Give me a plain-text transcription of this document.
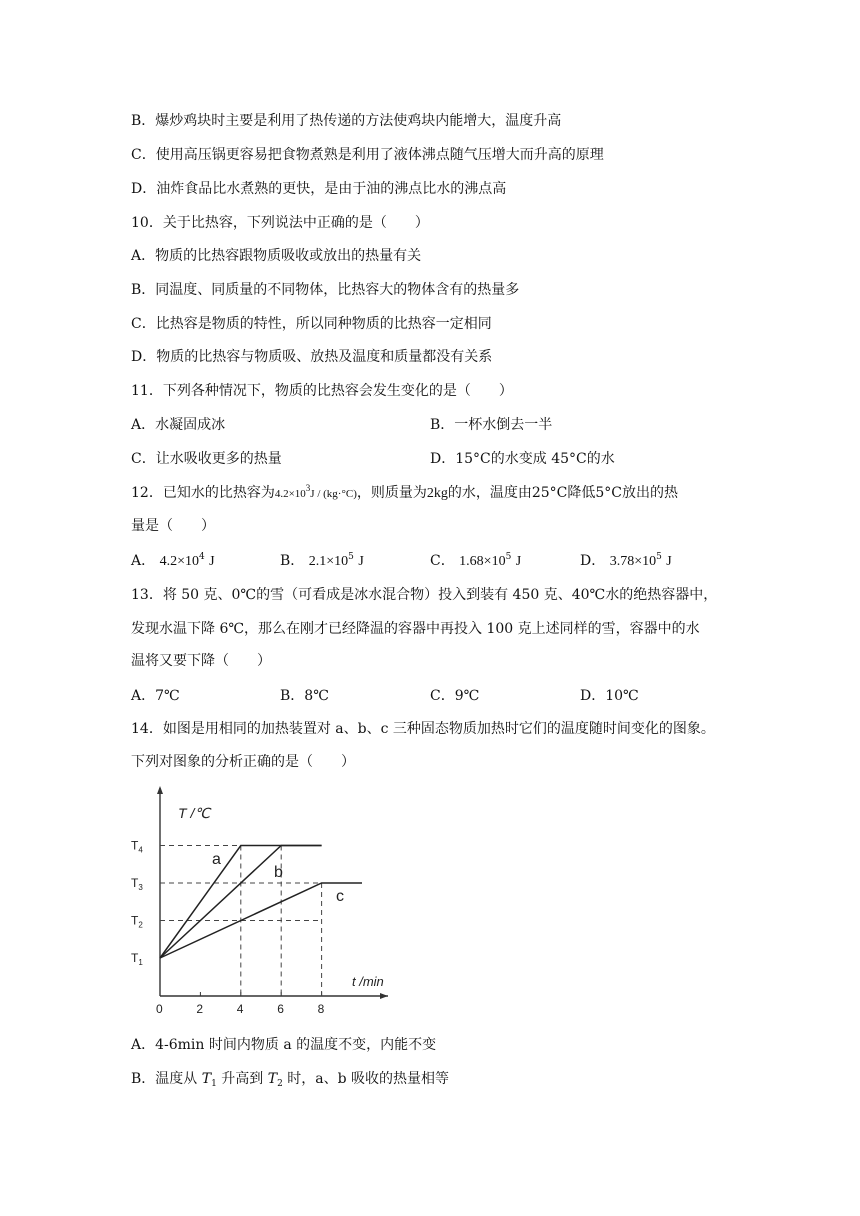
B．爆炒鸡块时主要是利用了热传递的方法使鸡块内能增大，温度升高
C．使用高压锅更容易把食物煮熟是利用了液体沸点随气压增大而升高的原理
D．油炸食品比水煮熟的更快，是由于油的沸点比水的沸点高
10．关于比热容，下列说法中正确的是（　　）
A．物质的比热容跟物质吸收或放出的热量有关
B．同温度、同质量的不同物体，比热容大的物体含有的热量多
C．比热容是物质的特性，所以同种物质的比热容一定相同
D．物质的比热容与物质吸、放热及温度和质量都没有关系
11．下列各种情况下，物质的比热容会发生变化的是（　　）
A．水凝固成冰	B．一杯水倒去一半
C．让水吸收更多的热量	D．15°C的水变成 45°C的水
12．已知水的比热容为$4.2\times 10^3J / (kg\cdot^\circ C)$，则质量为2kg的水，温度由25°C降低5°C放出的热
量是（　　）
A． $4.2\times 10^4$ J	B． $2.1\times 10^5$ J	C． $1.68\times 10^5$ J	D． $3.78\times 10^5$ J
13．将 50 克、0℃的雪（可看成是冰水混合物）投入到装有 450 克、40℃水的绝热容器中，
发现水温下降 6℃，那么在刚才已经降温的容器中再投入 100 克上述同样的雪，容器中的水
温将又要下降（　　）
A．7℃	B．8℃	C．9℃	D．10℃
14．如图是用相同的加热装置对 a、b、c 三种固态物质加热时它们的温度随时间变化的图象。
下列对图象的分析正确的是（　　）
T /℃
t /min
0	2	4	6	8
$T_1$
$T_2$
$T_3$
$T_4$
a
b
c
A．4-6min 时间内物质 a 的温度不变，内能不变
B．温度从 $T_1$ 升高到 $T_2$ 时，a、b 吸收的热量相等
